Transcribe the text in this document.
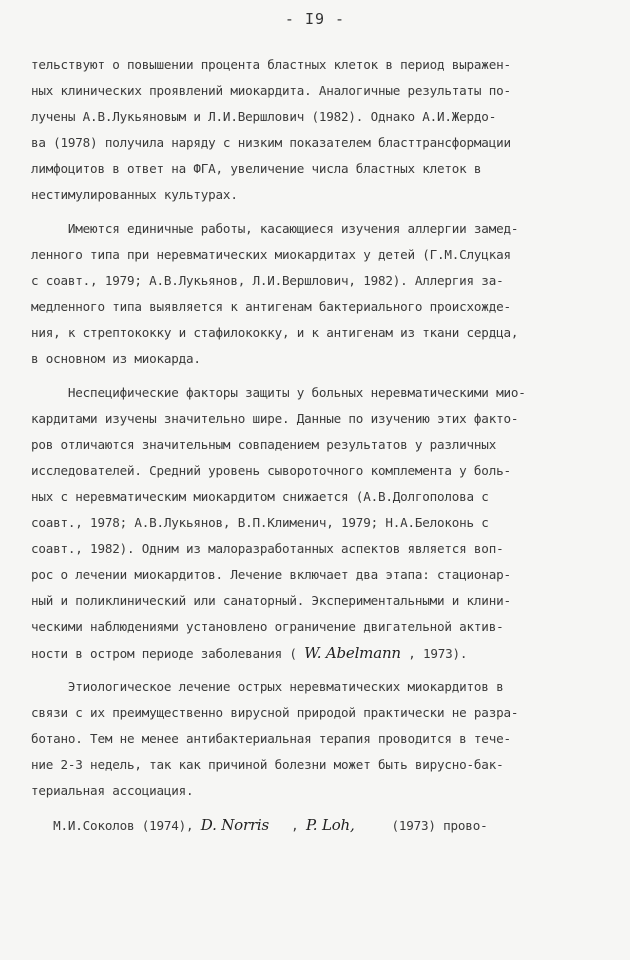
- I9 -
тельствуют о повышении процента бластных клеток в период выражен-
ных клинических проявлений миокардита. Аналогичные результаты по-
лучены А.В.Лукьяновым и Л.И.Вершлович (1982). Однако А.И.Жердо-
ва (1978) получила наряду с низким показателем бласттрансформации
лимфоцитов в ответ на ФГА, увеличение числа бластных клеток в
нестимулированных культурах.
Имеются единичные работы, касающиеся изучения аллергии замед-
ленного типа при неревматических миокардитах у детей (Г.М.Слуцкая
с соавт., 1979; А.В.Лукьянов, Л.И.Вершлович, 1982). Аллергия за-
медленного типа выявляется к антигенам бактериального происхожде-
ния, к стрептококку и стафилококку, и к антигенам из ткани сердца,
в основном из миокарда.
Неспецифические факторы защиты у больных неревматическими мио-
кардитами изучены значительно шире. Данные по изучению этих факто-
ров отличаются значительным совпадением результатов у различных
исследователей. Средний уровень сывороточного комплемента у боль-
ных с неревматическим миокардитом снижается (А.В.Долгополова с
соавт., 1978; А.В.Лукьянов, В.П.Клименич, 1979; Н.А.Белоконь с
соавт., 1982). Одним из малоразработанных аспектов является воп-
рос о лечении миокардитов. Лечение включает два этапа: стационар-
ный и поликлинический или санаторный. Экспериментальными и клини-
ческими наблюдениями установлено ограничение двигательной актив-
ности в остром периоде заболевания ( W. Abelmann , 1973).
Этиологическое лечение острых неревматических миокардитов в
связи с их преимущественно вирусной природой практически не разра-
ботано. Тем не менее антибактериальная терапия проводится в тече-
ние 2-3 недель, так как причиной болезни может быть вирусно-бак-
териальная ассоциация.
М.И.Соколов (1974), D. Norris   , P. Loh,     (1973) прово-
